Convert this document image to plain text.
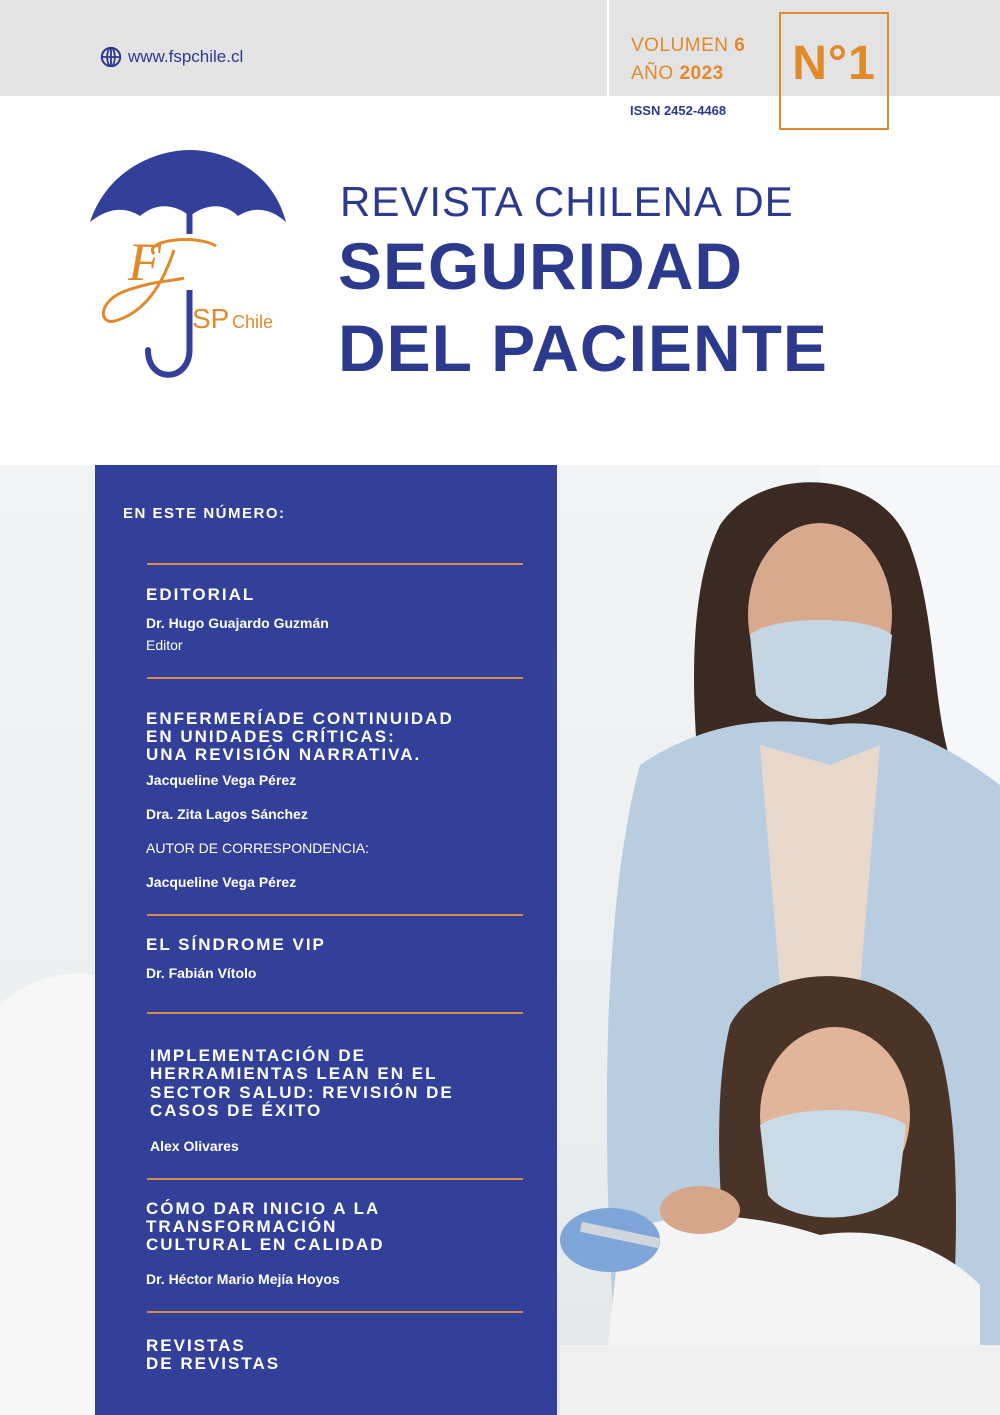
www.fspchile.cl
VOLUMEN 6
AÑO 2023	N°1
ISSN 2452-4468
F
SP Chile
REVISTA CHILENA DE
SEGURIDAD
DEL PACIENTE
EN ESTE NÚMERO:
EDITORIAL
Dr. Hugo Guajardo Guzmán
Editor
ENFERMERÍADE CONTINUIDAD
EN UNIDADES CRÍTICAS:
UNA REVISIÓN NARRATIVA.
Jacqueline Vega Pérez
Dra. Zita Lagos Sánchez
AUTOR DE CORRESPONDENCIA:
Jacqueline Vega Pérez
EL SÍNDROME VIP
Dr. Fabián Vítolo
IMPLEMENTACIÓN DE
HERRAMIENTAS LEAN EN EL
SECTOR SALUD: REVISIÓN DE
CASOS DE ÉXITO
Alex Olivares
CÓMO DAR INICIO A LA
TRANSFORMACIÓN
CULTURAL EN CALIDAD
Dr. Héctor Mario Mejía Hoyos
REVISTAS
DE REVISTAS
